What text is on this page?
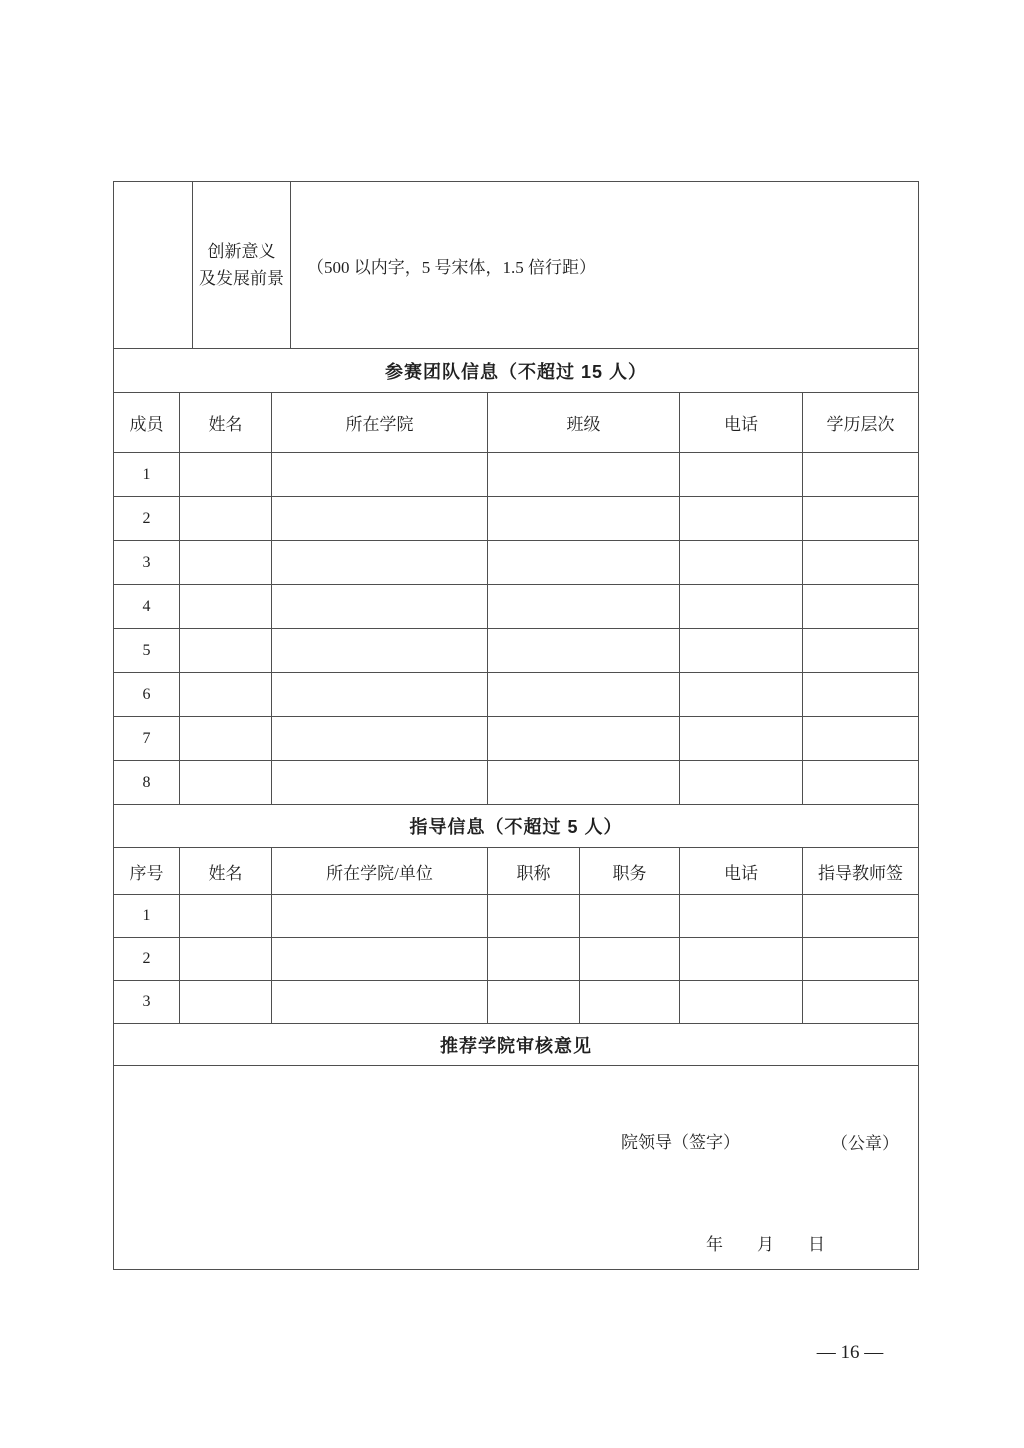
创新意义
及发展前景
（500 以内字，5 号宋体，1.5 倍行距）
参赛团队信息（不超过 15 人）
成员	姓名	所在学院	班级	电话	学历层次
1
2
3
4
5
6
7
8
指导信息（不超过 5 人）
序号	姓名	所在学院/单位	职称	职务	电话	指导教师签
1
2
3
推荐学院审核意见
院领导（签字）	（公章）
年　　月　　日
— 16 —
